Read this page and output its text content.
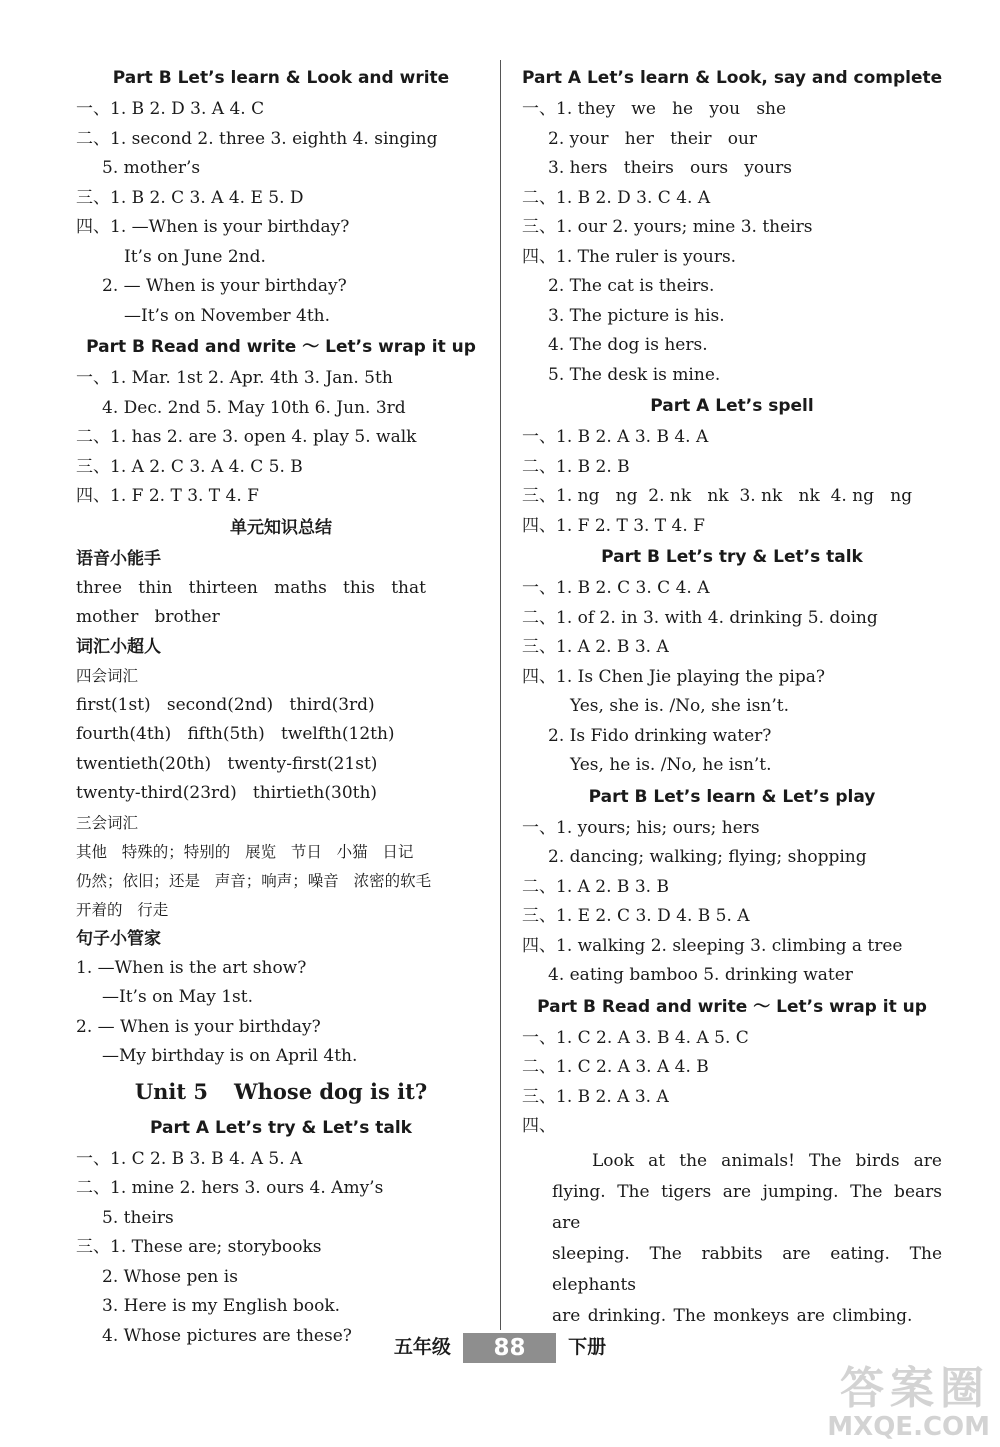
Part B Let’s learn & Look and write
一、1. B 2. D 3. A 4. C
二、1. second 2. three 3. eighth 4. singing
5. mother’s
三、1. B 2. C 3. A 4. E 5. D
四、1. —When is your birthday?
It’s on June 2nd.
2. — When is your birthday?
—It’s on November 4th.
Part B Read and write ～ Let’s wrap it up
一、1. Mar. 1st 2. Apr. 4th 3. Jan. 5th
4. Dec. 2nd 5. May 10th 6. Jun. 3rd
二、1. has 2. are 3. open 4. play 5. walk
三、1. A 2. C 3. A 4. C 5. B
四、1. F 2. T 3. T 4. F
单元知识总结
语音小能手
three   thin   thirteen   maths   this   that
mother   brother
词汇小超人
四会词汇
first(1st)   second(2nd)   third(3rd)
fourth(4th)   fifth(5th)   twelfth(12th)
twentieth(20th)   twenty-first(21st)
twenty-third(23rd)   thirtieth(30th)
三会词汇
其他   特殊的；特别的   展览   节日   小猫   日记
仍然；依旧；还是   声音；响声；噪音   浓密的软毛
开着的   行走
句子小管家
1. —When is the art show?
—It’s on May 1st.
2. — When is your birthday?
—My birthday is on April 4th.
Unit 5 Whose dog is it?
Part A Let’s try & Let’s talk
一、1. C 2. B 3. B 4. A 5. A
二、1. mine 2. hers 3. ours 4. Amy’s
5. theirs
三、1. These are; storybooks
2. Whose pen is
3. Here is my English book.
4. Whose pictures are these?
Part A Let’s learn & Look, say and complete
一、1. they   we   he   you   she
2. your   her   their   our
3. hers   theirs   ours   yours
二、1. B 2. D 3. C 4. A
三、1. our 2. yours; mine 3. theirs
四、1. The ruler is yours.
2. The cat is theirs.
3. The picture is his.
4. The dog is hers.
5. The desk is mine.
Part A Let’s spell
一、1. B 2. A 3. B 4. A
二、1. B 2. B
三、1. ng   ng  2. nk   nk  3. nk   nk  4. ng   ng
四、1. F 2. T 3. T 4. F
Part B Let’s try & Let’s talk
一、1. B 2. C 3. C 4. A
二、1. of 2. in 3. with 4. drinking 5. doing
三、1. A 2. B 3. A
四、1. Is Chen Jie playing the pipa?
Yes, she is. /No, she isn’t.
2. Is Fido drinking water?
Yes, he is. /No, he isn’t.
Part B Let’s learn & Let’s play
一、1. yours; his; ours; hers
2. dancing; walking; flying; shopping
二、1. A 2. B 3. B
三、1. E 2. C 3. D 4. B 5. A
四、1. walking 2. sleeping 3. climbing a tree
4. eating bamboo 5. drinking water
Part B Read and write ～ Let’s wrap it up
一、1. C 2. A 3. B 4. A 5. C
二、1. C 2. A 3. A 4. B
三、1. B 2. A 3. A
四、
Look at the animals! The birds are
flying. The tigers are jumping. The bears are
sleeping. The rabbits are eating. The elephants
are drinking. The monkeys are climbing.
五年级 88 下册
答案圈
MXQE.COM
